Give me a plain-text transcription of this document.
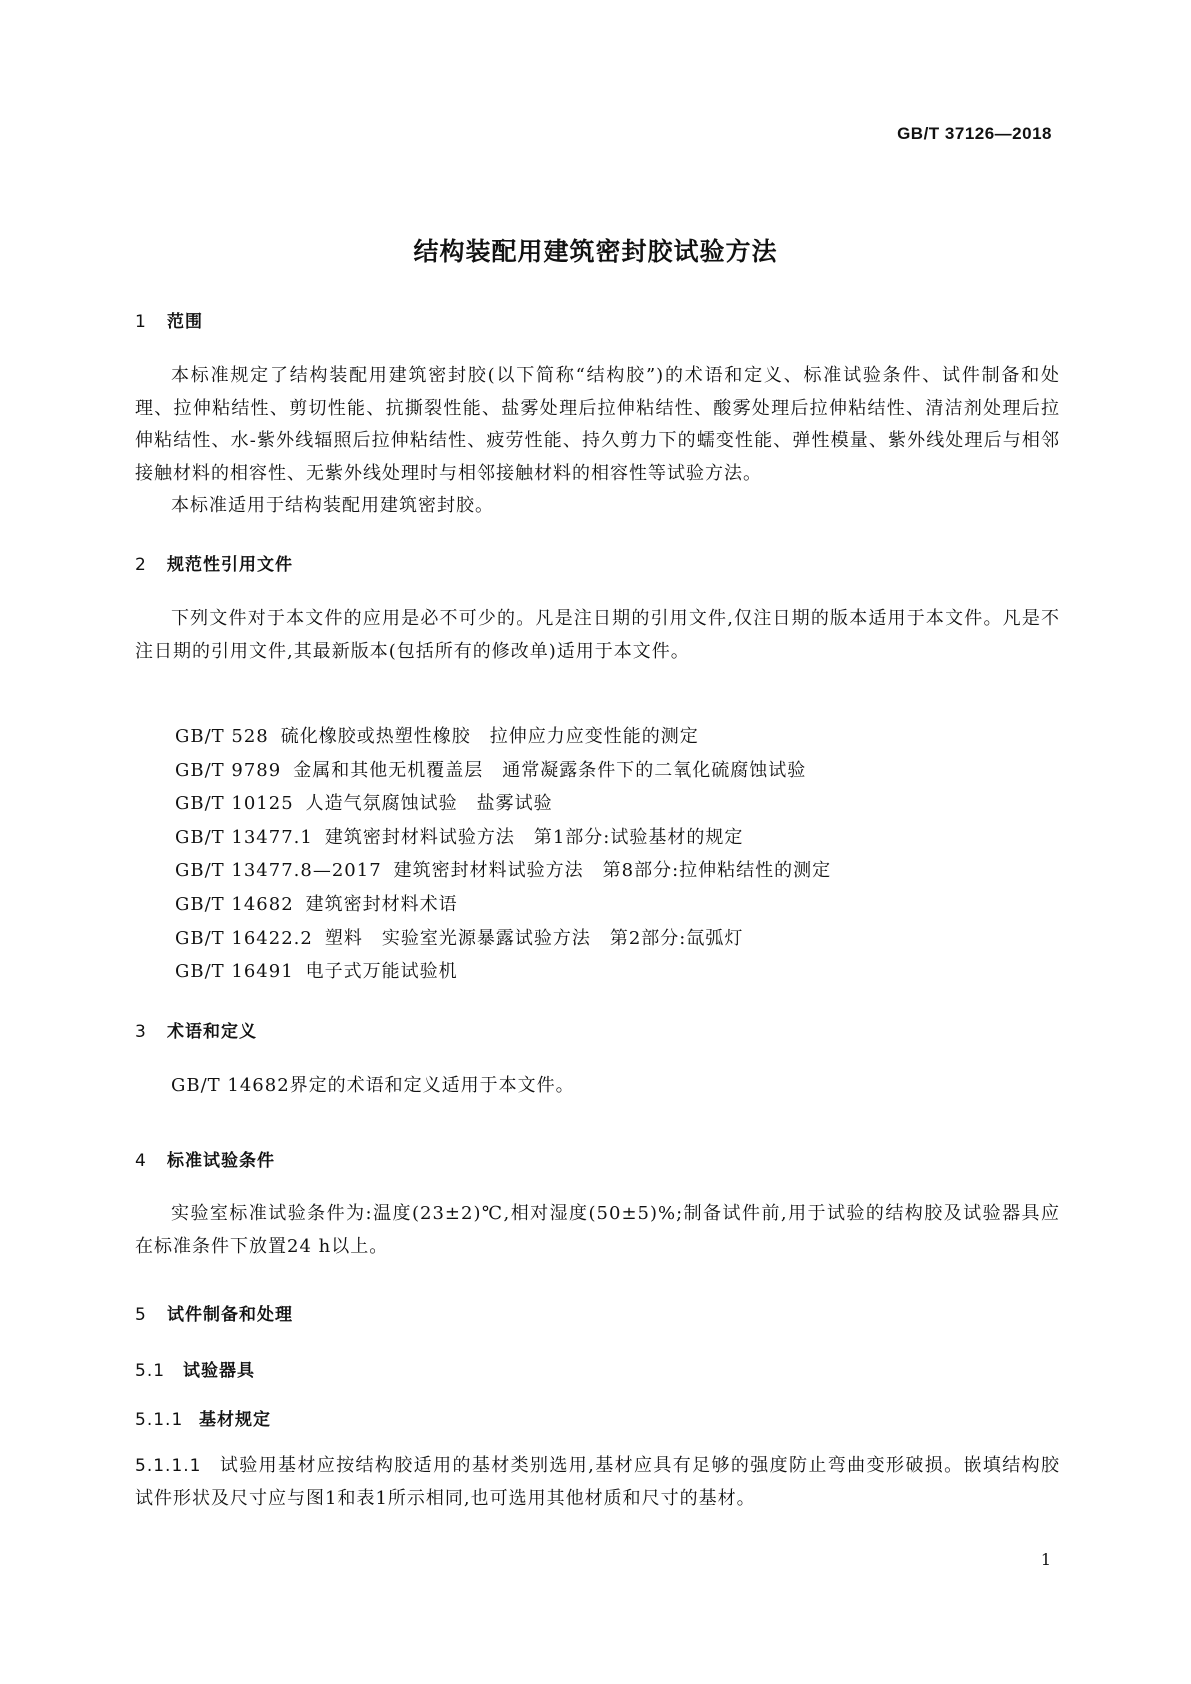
GB/T 37126—2018
结构装配用建筑密封胶试验方法
1 范围

本标准规定了结构装配用建筑密封胶(以下简称“结构胶”)的术语和定义、标准试验条件、试件制备和处理、拉伸粘结性、剪切性能、抗撕裂性能、盐雾处理后拉伸粘结性、酸雾处理后拉伸粘结性、清洁剂处理后拉伸粘结性、水-紫外线辐照后拉伸粘结性、疲劳性能、持久剪力下的蠕变性能、弹性模量、紫外线处理后与相邻接触材料的相容性、无紫外线处理时与相邻接触材料的相容性等试验方法。

本标准适用于结构装配用建筑密封胶。

2 规范性引用文件

下列文件对于本文件的应用是必不可少的。凡是注日期的引用文件,仅注日期的版本适用于本文件。凡是不注日期的引用文件,其最新版本(包括所有的修改单)适用于本文件。

GB/T 528 硫化橡胶或热塑性橡胶　拉伸应力应变性能的测定
GB/T 9789 金属和其他无机覆盖层　通常凝露条件下的二氧化硫腐蚀试验
GB/T 10125 人造气氛腐蚀试验　盐雾试验
GB/T 13477.1 建筑密封材料试验方法　第1部分:试验基材的规定
GB/T 13477.8—2017 建筑密封材料试验方法　第8部分:拉伸粘结性的测定
GB/T 14682 建筑密封材料术语
GB/T 16422.2 塑料　实验室光源暴露试验方法　第2部分:氙弧灯
GB/T 16491 电子式万能试验机
3 术语和定义

GB/T 14682界定的术语和定义适用于本文件。

4 标准试验条件

实验室标准试验条件为:温度(23±2)℃,相对湿度(50±5)%;制备试件前,用于试验的结构胶及试验器具应在标准条件下放置24 h以上。

5 试件制备和处理
5.1 试验器具
5.1.1 基材规定

5.1.1.1 试验用基材应按结构胶适用的基材类别选用,基材应具有足够的强度防止弯曲变形破损。嵌填结构胶试件形状及尺寸应与图1和表1所示相同,也可选用其他材质和尺寸的基材。

1
